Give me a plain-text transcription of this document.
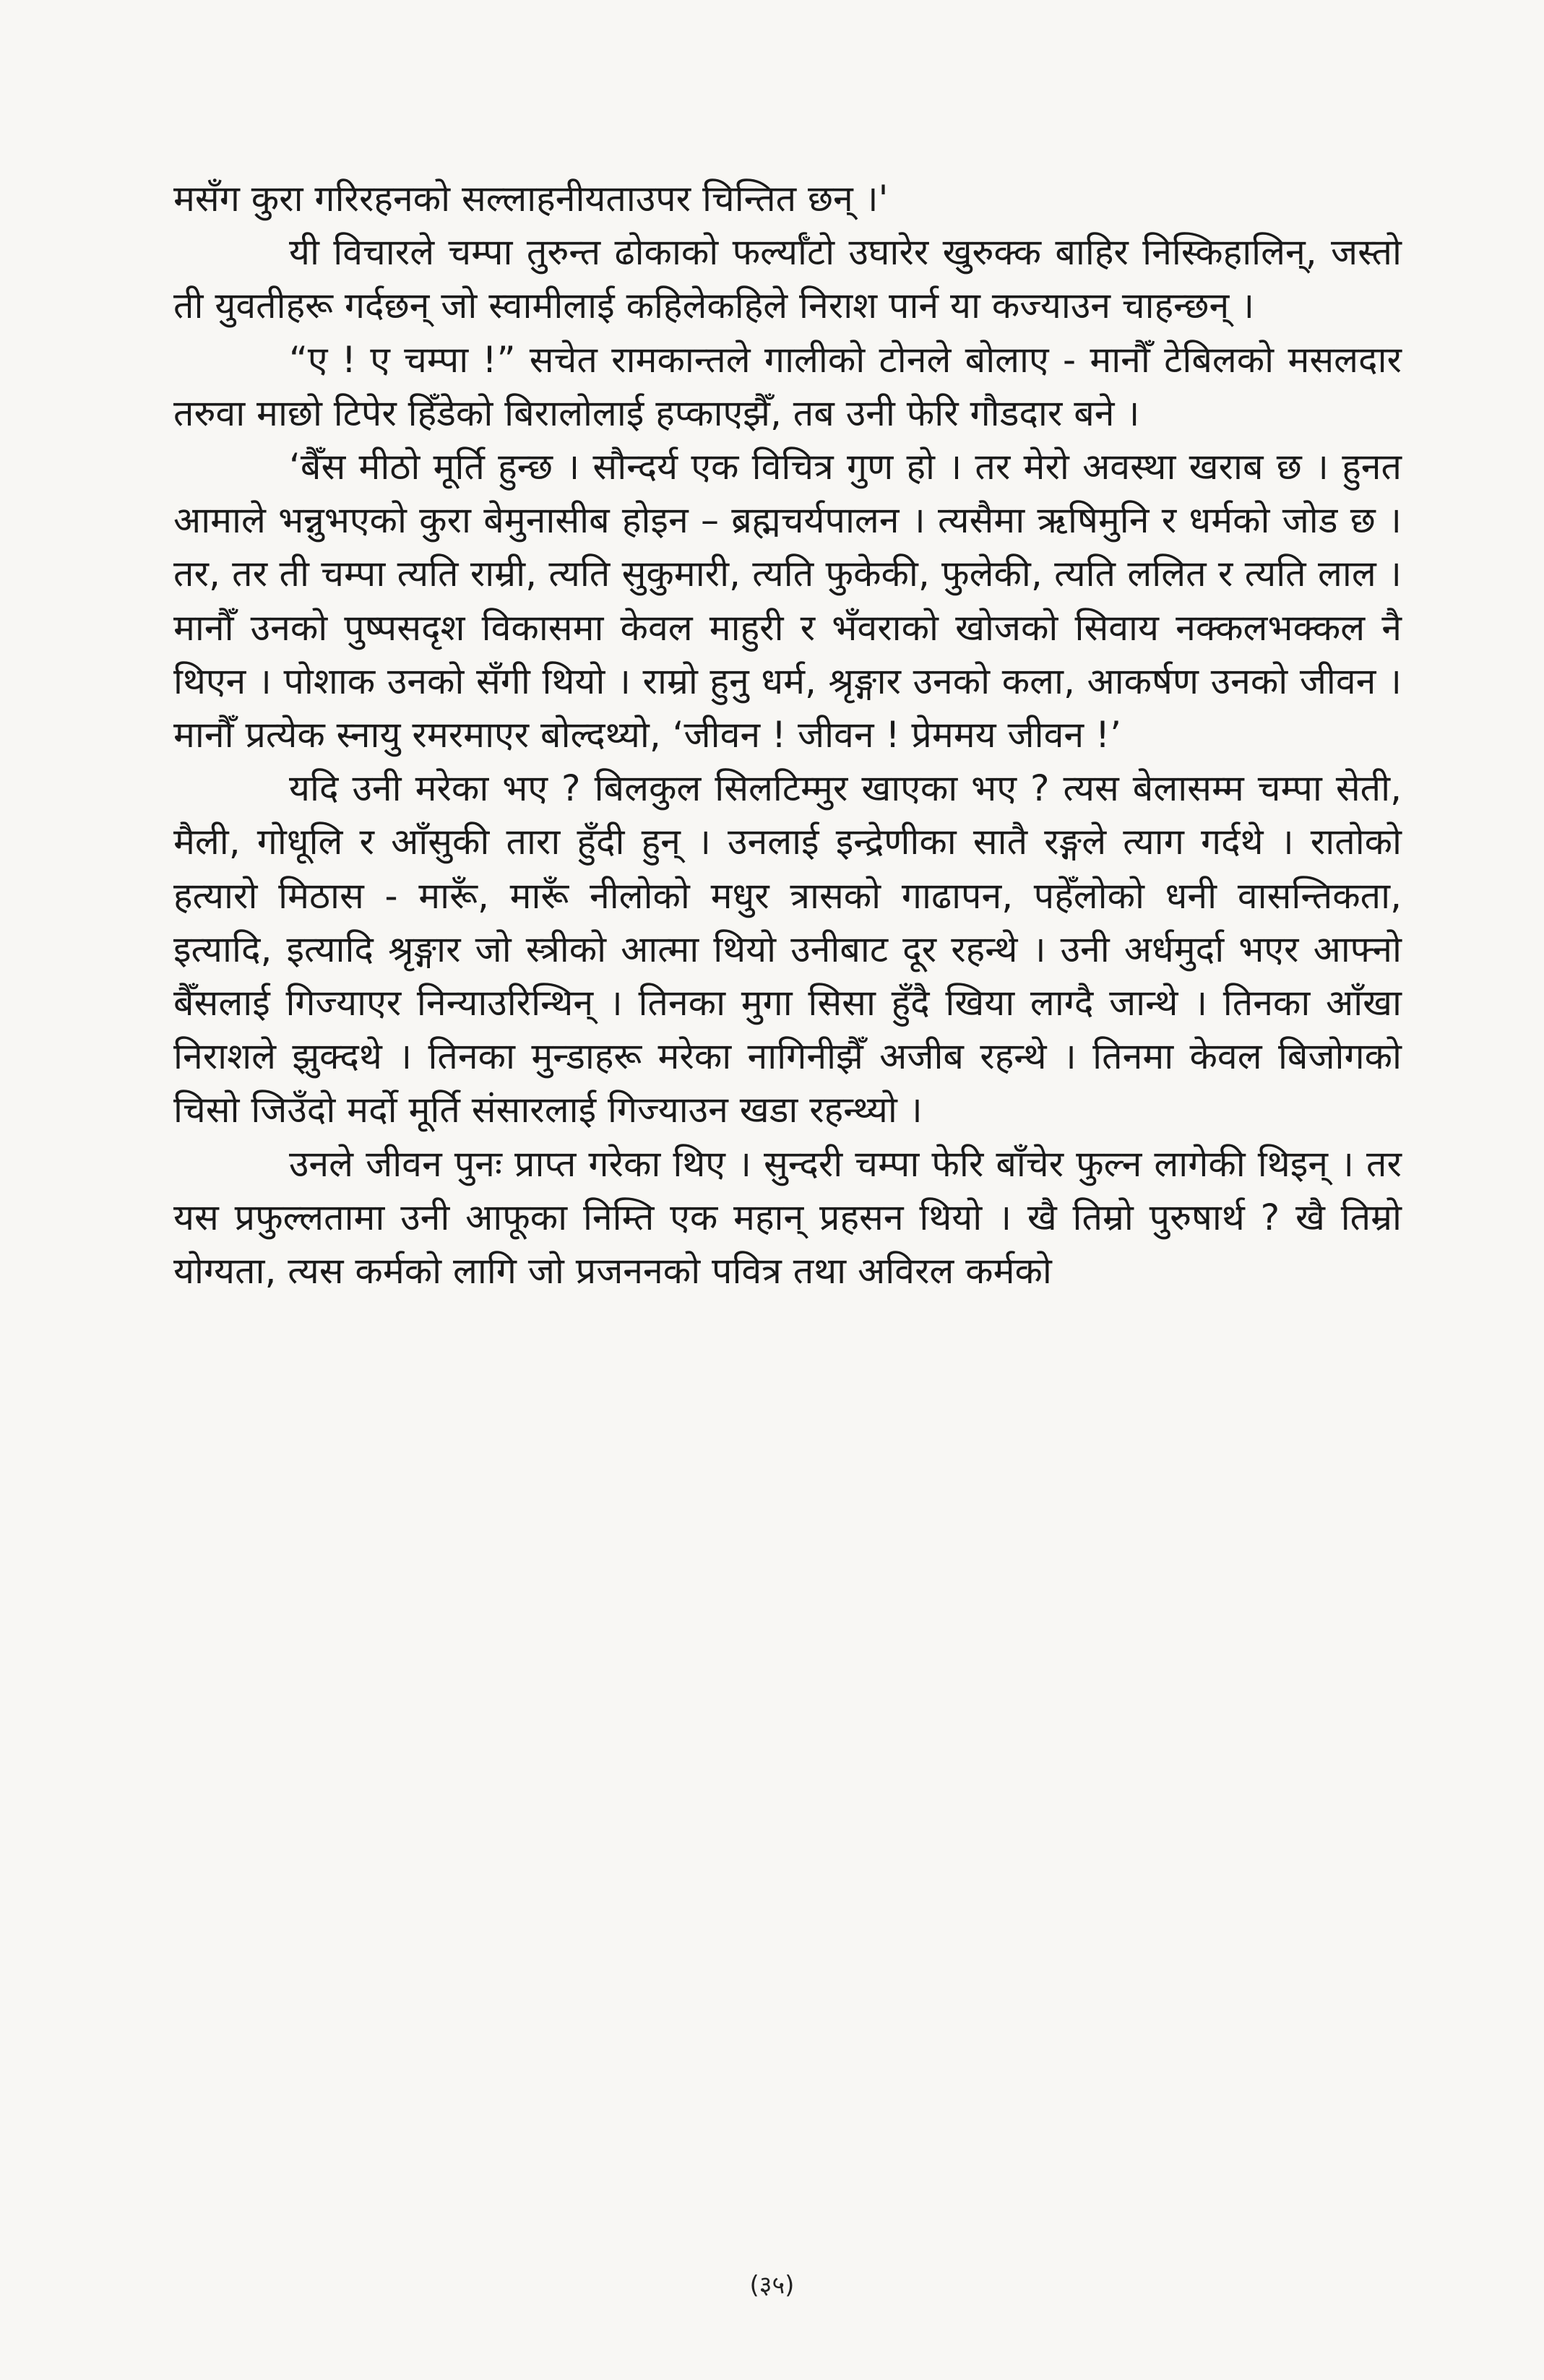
मसँग कुरा गरिरहनको सल्लाहनीयताउपर चिन्तित छन् ।'

यी विचारले चम्पा तुरुन्त ढोकाको फर्ल्याँटो उघारेर खुरुक्क बाहिर निस्किहालिन्, जस्तो ती युवतीहरू गर्दछन् जो स्वामीलाई कहिलेकहिले निराश पार्न या कज्याउन चाहन्छन् ।

“ए ! ए चम्पा !” सचेत रामकान्तले गालीको टोनले बोलाए - मानौँ टेबिलको मसलदार तरुवा माछो टिपेर हिँडेको बिरालोलाई हप्काएझैँ, तब उनी फेरि गौडदार बने ।

‘बैँस मीठो मूर्ति हुन्छ । सौन्दर्य एक विचित्र गुण हो । तर मेरो अवस्था खराब छ । हुनत आमाले भन्नुभएको कुरा बेमुनासीब होइन – ब्रह्मचर्यपालन । त्यसैमा ऋषिमुनि र धर्मको जोड छ । तर, तर ती चम्पा त्यति राम्री, त्यति सुकुमारी, त्यति फुकेकी, फुलेकी, त्यति ललित र त्यति लाल । मानौँ उनको पुष्पसदृश विकासमा केवल माहुरी र भँवराको खोजको सिवाय नक्कलभक्कल नै थिएन । पोशाक उनको सँगी थियो । राम्रो हुनु धर्म, श्रृङ्गार उनको कला, आकर्षण उनको जीवन । मानौँ प्रत्येक स्नायु रमरमाएर बोल्दथ्यो, ‘जीवन ! जीवन ! प्रेममय जीवन !’

यदि उनी मरेका भए ? बिलकुल सिलटिम्मुर खाएका भए ? त्यस बेलासम्म चम्पा सेती, मैली, गोधूलि र आँसुकी तारा हुँदी हुन् । उनलाई इन्द्रेणीका सातै रङ्गले त्याग गर्दथे । रातोको हत्यारो मिठास - मारूँ, मारूँ नीलोको मधुर त्रासको गाढापन, पहेँलोको धनी वासन्तिकता, इत्यादि, इत्यादि श्रृङ्गार जो स्त्रीको आत्मा थियो उनीबाट दूर रहन्थे । उनी अर्धमुर्दा भएर आफ्नो बैँसलाई गिज्याएर निन्याउरिन्थिन् । तिनका मुगा सिसा हुँदै खिया लाग्दै जान्थे । तिनका आँखा निराशले झुक्दथे । तिनका मुन्डाहरू मरेका नागिनीझैँ अजीब रहन्थे । तिनमा केवल बिजोगको चिसो जिउँदो मर्दो मूर्ति संसारलाई गिज्याउन खडा रहन्थ्यो ।

उनले जीवन पुनः प्राप्त गरेका थिए । सुन्दरी चम्पा फेरि बाँचेर फुल्न लागेकी थिइन् । तर यस प्रफुल्लतामा उनी आफूका निम्ति एक महान् प्रहसन थियो । खै तिम्रो पुरुषार्थ ? खै तिम्रो योग्यता, त्यस कर्मको लागि जो प्रजननको पवित्र तथा अविरल कर्मको

(३५)
